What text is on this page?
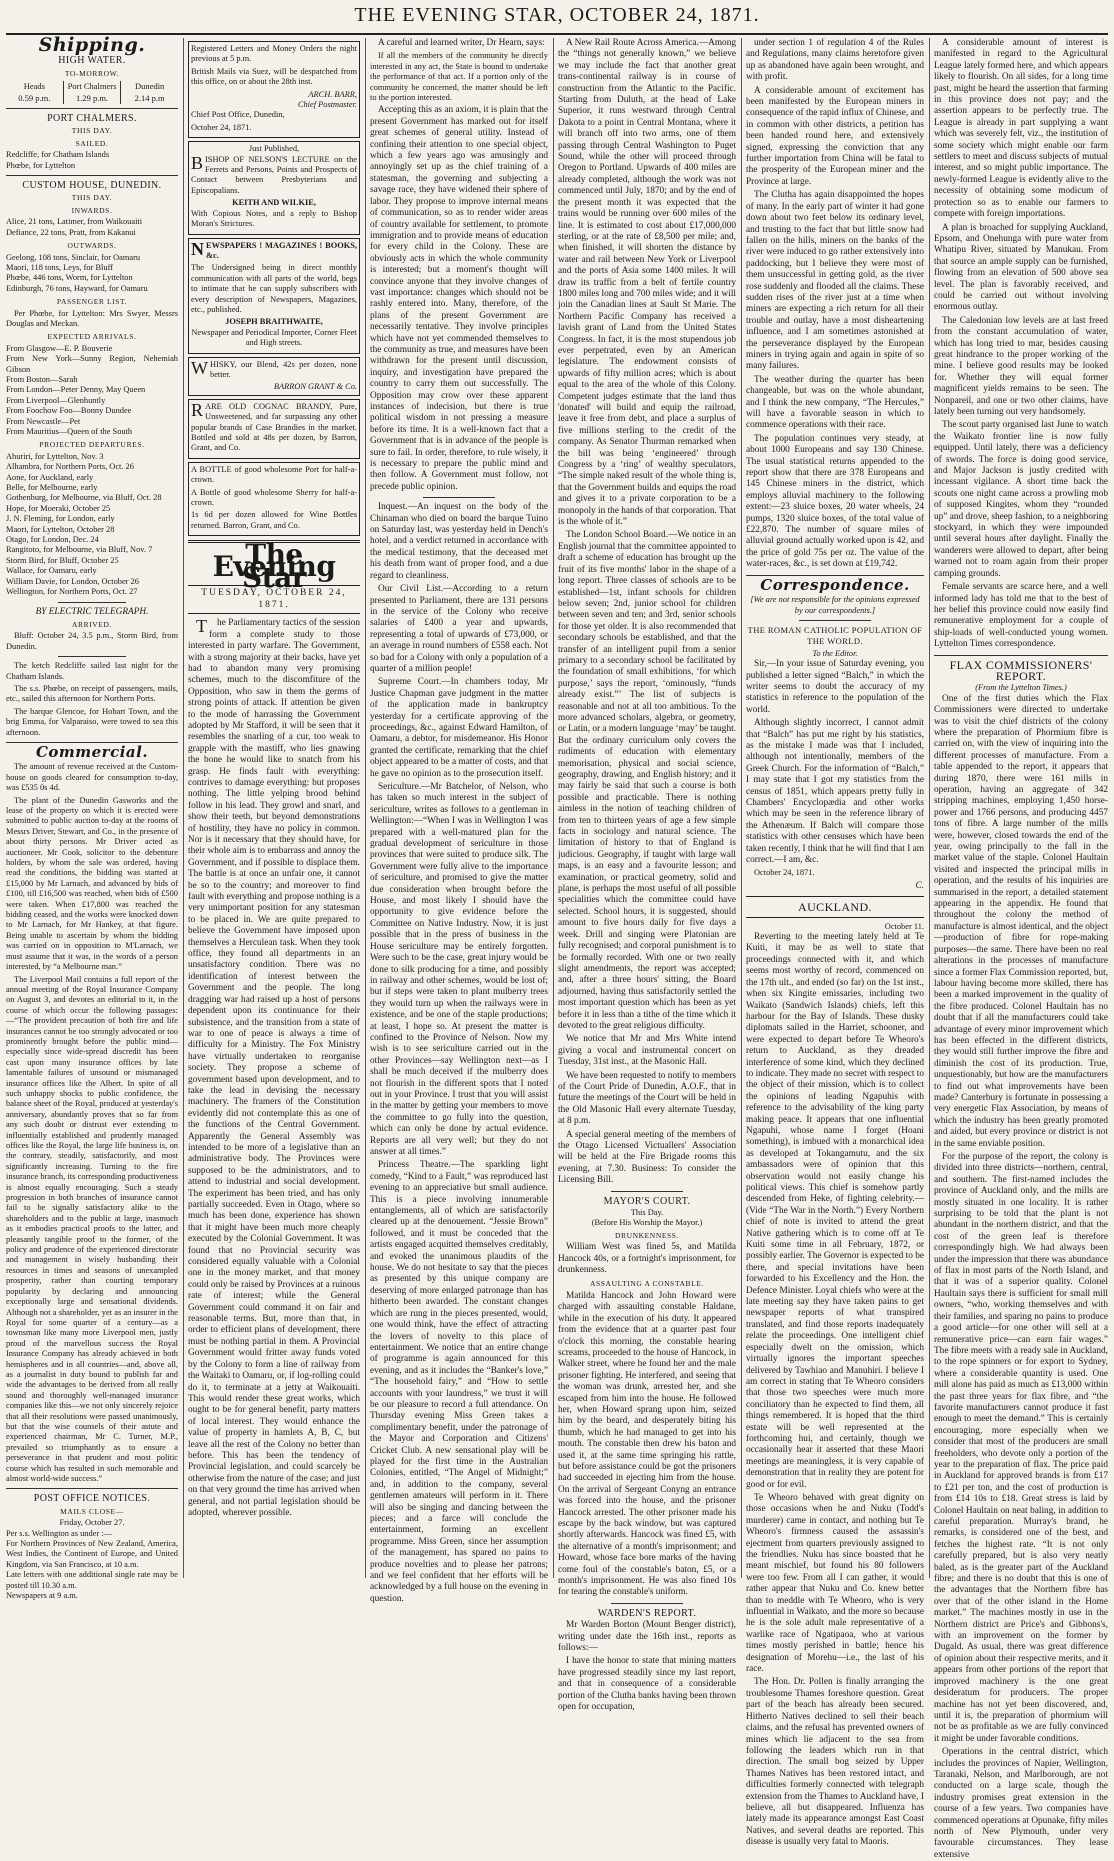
THE EVENING STAR, OCTOBER 24, 1871.
Shipping.
HIGH WATER.
TO-MORROW.
Heads
0.59 p.m.
Port Chalmers
1.29 p.m.
Dunedin
2.14 p.m
PORT CHALMERS.
THIS DAY.
SAILED.

Redcliffe, for Chatham Islands
Phœbe, for Lyttelton

CUSTOM HOUSE, DUNEDIN.
THIS DAY.
INWARDS.

Alice, 21 tons, Latimer, from Waikouaiti
Defiance, 22 tons, Pratt, from Kakanui

OUTWARDS.

Geelong, 108 tons, Sinclair, for Oamaru
Maori, 118 tons, Leys, for Bluff
Phœbe, 446 tons, Worm, for Lyttelton
Edinburgh, 76 tons, Hayward, for Oamaru

PASSENGER LIST.

Per Phœbe, for Lyttelton: Mrs Swyer, Messrs Douglas and Meckan.

EXPECTED ARRIVALS.

From Glasgow—E. P. Bouverie
From New York—Sunny Region, Nehemiah Gibson
From Boston—Sarah
From London—Peter Denny, May Queen
From Liverpool—Glenhuntly
From Foochow Foo—Bonny Dundee
From Newcastle—Pet
From Mauritius—Queen of the South

PROJECTED DEPARTURES.

Ahuriri, for Lyttelton, Nov. 3
Alhambra, for Northern Ports, Oct. 26
Aone, for Auckland, early
Belle, for Melbourne, early
Gothenburg, for Melbourne, via Bluff, Oct. 28
Hope, for Moeraki, October 25
J. N. Fleming, for London, early
Maori, for Lyttelton, October 28
Otago, for London, Dec. 24
Rangitoto, for Melbourne, via Bluff, Nov. 7
Storm Bird, for Bluff, October 25
Wallace, for Oamaru, early
William Davie, for London, October 26
Wellington, for Northern Ports, Oct. 27

BY ELECTRIC TELEGRAPH.
ARRIVED.

Bluff: October 24, 3.5 p.m., Storm Bird, from Dunedin.

The ketch Redcliffe sailed last night for the Chatham Islands.

The s.s. Phœbe, on receipt of passengers, mails, etc., sailed this afternoon for Northern Ports.

The barque Glencoe, for Hobart Town, and the brig Emma, for Valparaiso, were towed to sea this afternoon.

Commercial.

The amount of revenue received at the Custom-house on goods cleared for consumption to-day, was £535 0s 4d.

The plant of the Dunedin Gasworks and the lease of the property on which it is erected were submitted to public auction to-day at the rooms of Messrs Driver, Stewart, and Co., in the presence of about thirty persons. Mr Driver acted as auctioneer. Mr Cook, solicitor to the debenture holders, by whom the sale was ordered, having read the conditions, the bidding was started at £15,000 by Mr Larnach, and advanced by bids of £100, till £16,500 was reached, when bids of £500 were taken. When £17,800 was reached the bidding ceased, and the works were knocked down to Mr Larnach, for Mr Hankey, at that figure. Being unable to ascertain by whom the bidding was carried on in opposition to M'Larnach, we must assume that it was, in the words of a person interested, by “a Melbourne man.”

The Liverpool Mail contains a full report of the annual meeting of the Royal Insurance Company on August 3, and devotes an editorial to it, in the course of which occur the following passages:—“The provident precaution of both fire and life insurances cannot be too strongly advocated or too prominently brought before the public mind—especially since wide-spread discredit has been cast upon many insurance offices by late lamentable failures of unsound or mismanaged insurance offices like the Albert. In spite of all such unhappy shocks to public confidence, the balance sheet of the Royal, produced at yesterday's anniversary, abundantly proves that so far from any such doubt or distrust ever extending to influentially established and prudently managed offices like the Royal, the large life business is, on the contrary, steadily, satisfactorily, and most significantly increasing. Turning to the fire insurance branch, its corresponding productiveness is almost equally encouraging. Such a steady progression in both branches of insurance cannot fail to be signally satisfactory alike to the shareholders and to the public at large, inasmuch as it embodies practical proofs to the latter, and pleasantly tangible proof to the former, of the policy and prudence of the experienced directorate and management in wisely husbanding their resources in times and seasons of unexampled prosperity, rather than courting temporary popularity by declaring and announcing exceptionally large and sensational dividends. Although not a shareholder, yet as an insurer in the Royal for some quarter of a century—as a townsman like many more Liverpool men, justly proud of the marvellous success the Royal Insurance Company has already achieved in both hemispheres and in all countries—and, above all, as a journalist in duty bound to publish far and wide the advantages to be derived from all really sound and thoroughly well-managed insurance companies like this—we not only sincerely rejoice that all their resolutions were passed unanimously, but that the wise counsels of their astute and experienced chairman, Mr C. Turner, M.P., prevailed so triumphantly as to ensure a perseverance in that prudent and most politic course which has resulted in such memorable and almost world-wide success.”

POST OFFICE NOTICES.
MAILS CLOSE—
Friday, October 27.

Per s.s. Wellington as under :—
For Northern Provinces of New Zealand, America, West Indies, the Continent of Europe, and United Kingdom, via San Francisco, at 10 a.m.
Late letters with one additional single rate may be posted till 10.30 a.m.
Newspapers at 9 a.m.

Registered Letters and Money Orders the night previous at 5 p.m.

British Mails via Suez, will be despatched from this office, on or about the 28th inst.

ARCH. BARR,
Chief Postmaster.

Chief Post Office, Dunedin,

October 24, 1871.

Just Published,

BISHOP OF NELSON'S LECTURE on the Ferrets and Persons, Points and Prospects of Contact between Presbyterians and Episcopalians.

KEITH AND WILKIE,

With Copious Notes, and a reply to Bishop Moran's Strictures.

NEWSPAPERS ! MAGAZINES ! BOOKS, &c.

The Undersigned being in direct monthly communication with all parts of the world, begs to intimate that he can supply subscribers with every description of Newspapers, Magazines, etc., published.

JOSEPH BRAITHWAITE,

Newspaper and Periodical Importer, Corner Fleet and High streets.

WHISKY, our Blend, 42s per dozen, none better.

BARRON GRANT & Co.

RARE OLD COGNAC BRANDY, Pure, Unsweetened, and far surpassing any other popular brands of Case Brandies in the market. Bottled and sold at 48s per dozen, by Barron, Grant, and Co.

A BOTTLE of good wholesome Port for half-a-crown.

A Bottle of good wholesome Sherry for half-a-crown.

1s 6d per dozen allowed for Wine Bottles returned. Barron, Grant, and Co.

The Evening Star
TUESDAY, OCTOBER 24, 1871.

The Parliamentary tactics of the session form a complete study to those interested in party warfare. The Government, with a strong majority at their backs, have yet had to abandon many very promising schemes, much to the discomfiture of the Opposition, who saw in them the germs of strong points of attack. If attention be given to the mode of harrassing the Government adopted by Mr Stafford, it will be seen that it resembles the snarling of a cur, too weak to grapple with the mastiff, who lies gnawing the bone he would like to snatch from his grasp. He finds fault with everything: contrives to damage everything: but proposes nothing. The little yelping brood behind follow in his lead. They growl and snarl, and show their teeth, but beyond demonstrations of hostility, they have no policy in common. Nor is it necessary that they should have, for their whole aim is to embarrass and annoy the Government, and if possible to displace them. The battle is at once an unfair one, it cannot be so to the country; and moreover to find fault with everything and propose nothing is a very unimportant position for any statesman to be placed in. We are quite prepared to believe the Government have imposed upon themselves a Herculean task. When they took office, they found all departments in an unsatisfactory condition. There was no identification of interest between the Government and the people. The long dragging war had raised up a host of persons dependent upon its continuance for their subsistence, and the transition from a state of war to one of peace is always a time of difficulty for a Ministry. The Fox Ministry have virtually undertaken to reorganise society. They propose a scheme of government based upon development, and to take the lead in devising the necessary machinery. The framers of the Constitution evidently did not contemplate this as one of the functions of the Central Government. Apparently the General Assembly was intended to be more of a legislative than an administrative body. The Provinces were supposed to be the administrators, and to attend to industrial and social development. The experiment has been tried, and has only partially succeeded. Even in Otago, where so much has been done, experience has shown that it might have been much more cheaply executed by the Colonial Government. It was found that no Provincial security was considered equally valuable with a Colonial one in the money market, and that money could only be raised by Provinces at a ruinous rate of interest; while the General Government could command it on fair and reasonable terms. But, more than that, in order to efficient plans of development, there must be nothing partial in them. A Provincial Government would fritter away funds voted by the Colony to form a line of railway from the Waitaki to Oamaru, or, if log-rolling could do it, to terminate at a jetty at Waikouaiti. This would render these great works, which ought to be for general benefit, party matters of local interest. They would enhance the value of property in hamlets A, B, C, but leave all the rest of the Colony no better than before. This has been the tendency of Provincial legislation, and could scarcely be otherwise from the nature of the case; and just on that very ground the time has arrived when general, and not partial legislation should be adopted, wherever possible.

A careful and learned writer, Dr Hearn, says:

If all the members of the community be directly interested in any act, the State is bound to undertake the performance of that act. If a portion only of the community be concerned, the matter should be left to the portion interested.

Accepting this as an axiom, it is plain that the present Government has marked out for itself great schemes of general utility. Instead of confining their attention to one special object, which a few years ago was amusingly and annoyingly set up as the chief training of a statesman, the governing and subjecting a savage race, they have widened their sphere of labor. They propose to improve internal means of communication, so as to render wider areas of country available for settlement, to promote immigration and to provide means of education for every child in the Colony. These are obviously acts in which the whole community is interested; but a moment's thought will convince anyone that they involve changes of vast importance: changes which should not be rashly entered into. Many, therefore, of the plans of the present Government are necessarily tentative. They involve principles which have not yet commended themselves to the community as true, and measures have been withdrawn for the present until discussion, inquiry, and investigation have prepared the country to carry them out successfully. The Opposition may crow over these apparent instances of indecision, but there is true political wisdom in not pressing a measure before its time. It is a well-known fact that a Government that is in advance of the people is sure to fail. In order, therefore, to rule wisely, it is necessary to prepare the public mind and then follow. A Government must follow, not precede public opinion.

Inquest.—An inquest on the body of the Chinaman who died on board the barque Tuino on Saturday last, was yesterday held in Dench's hotel, and a verdict returned in accordance with the medical testimony, that the deceased met his death from want of proper food, and a due regard to cleanliness.

Our Civil List.—According to a return presented to Parliament, there are 131 persons in the service of the Colony who receive salaries of £400 a year and upwards, representing a total of upwards of £73,000, or an average in round numbers of £558 each. Not so bad for a Colony with only a population of a quarter of a million people!

Supreme Court.—In chambers today, Mr Justice Chapman gave judgment in the matter of the application made in bankruptcy yesterday for a certificate approving of the proceedings, &c., against Edward Hamilton, of Oamaru, a debtor, for misdemeanor. His Honor granted the certificate, remarking that the chief object appeared to be a matter of costs, and that he gave no opinion as to the prosecution itself.

Sericulture.—Mr Batchelor, of Nelson, who has taken so much interest in the subject of sericulture, writes as follows to a gentleman in Wellington:—“When I was in Wellington I was prepared with a well-matured plan for the gradual development of sericulture in those provinces that were suited to produce silk. The Government were fully alive to the importance of sericulture, and promised to give the matter due consideration when brought before the House, and most likely I should have the opportunity to give evidence before the Committee on Native Industry. Now, it is just possible that in the press of business in the House sericulture may be entirely forgotten. Were such to be the case, great injury would be done to silk producing for a time, and possibly in railway and other schemes, would be lost of; but if steps were taken to plant mulberry trees they would turn up when the railways were in existence, and be one of the staple productions; at least, I hope so. At present the matter is confined to the Province of Nelson. Now my wish is to see sericulture carried out in the other Provinces—say Wellington next—as I shall be much deceived if the mulberry does not flourish in the different spots that I noted out in your Province. I trust that you will assist in the matter by getting your members to move the committee to go fully into the question, which can only be done by actual evidence. Reports are all very well; but they do not answer at all times.”

Princess Theatre.—The sparkling light comedy, “Kind to a Fault,” was reproduced last evening to an appreciative but small audience. This is a piece involving innumerable entanglements, all of which are satisfactorily cleared up at the denouement. “Jessie Brown” followed, and it must be conceded that the artists engaged acquitted themselves creditably, and evoked the unanimous plaudits of the house. We do not hesitate to say that the pieces as presented by this unique company are deserving of more enlarged patronage than has hitherto been awarded. The constant changes which are rung in the pieces presented, would, one would think, have the effect of attracting the lovers of novelty to this place of entertainment. We notice that an entire change of programme is again announced for this evening, and as it includes the “Banker's love,” “The household fairy,” and “How to settle accounts with your laundress,” we trust it will be our pleasure to record a full attendance. On Thursday evening Miss Green takes a complimentary benefit, under the patronage of the Mayor and Corporation and Citizens' Cricket Club. A new sensational play will be played for the first time in the Australian Colonies, entitled, “The Angel of Midnight;” and, in addition to the company, several gentlemen amateurs will perform in it. There will also be singing and dancing between the pieces; and a farce will conclude the entertainment, forming an excellent programme. Miss Green, since her assumption of the management, has spared no pains to produce novelties and to please her patrons; and we feel confident that her efforts will be acknowledged by a full house on the evening in question.

A New Rail Route Across America.—Among the “things not generally known,” we believe we may include the fact that another great trans-continental railway is in course of construction from the Atlantic to the Pacific. Starting from Duluth, at the head of Lake Superior, it runs westward through Central Dakota to a point in Central Montana, where it will branch off into two arms, one of them passing through Central Washington to Puget Sound, while the other will proceed through Oregon to Portland. Upwards of 400 miles are already completed, although the work was not commenced until July, 1870; and by the end of the present month it was expected that the trains would be running over 600 miles of the line. It is estimated to cost about £17,000,000 sterling, or at the rate of £8,500 per mile; and, when finished, it will shorten the distance by water and rail between New York or Liverpool and the ports of Asia some 1400 miles. It will draw its traffic from a belt of fertile country 1800 miles long and 700 miles wide; and it will join the Canadian lines at Sault St Marie. The Northern Pacific Company has received a lavish grant of Land from the United States Congress. In fact, it is the most stupendous job ever perpetrated, even by an American legislature. The endowment consists of upwards of fifty million acres; which is about equal to the area of the whole of this Colony. Competent judges estimate that the land thus 'donated' will build and equip the railroad, leave it free from debt, and place a surplus of five millions sterling to the credit of the company. As Senator Thurman remarked when the bill was being ‘engineered’ through Congress by a ‘ring’ of wealthy speculators, “The simple naked result of the whole thing is, that the Government builds and equips the road and gives it to a private corporation to be a monopoly in the hands of that corporation. That is the whole of it.”

The London School Board.—We notice in an English journal that the committee appointed to draft a scheme of education has brought up the fruit of its five months' labor in the shape of a long report. Three classes of schools are to be established—1st, infant schools for children below seven; 2nd, junior school for children between seven and ten; and 3rd, senior schools for those yet older. It is also recommended that secondary schools be established, and that the transfer of an intelligent pupil from a senior primary to a secondary school be facilitated by the foundation of small exhibitions, ‘for which purpose,’ says the report, ‘ominously, “funds already exist.”’ The list of subjects is reasonable and not at all too ambitious. To the more advanced scholars, algebra, or geometry, or Latin, or a modern language ‘may’ be taught. But the ordinary curriculum only covers the rudiments of education with elementary memorisation, physical and social science, geography, drawing, and English history; and it may fairly be said that such a course is both possible and practicable. There is nothing aimless in the notion of teaching children of from ten to thirteen years of age a few simple facts in sociology and natural science. The limitation of history to that of England is judicious. Geography, if taught with large wall maps, is an easy and a favourite lesson; and examination, or practical geometry, solid and plane, is perhaps the most useful of all possible specialities which the committee could have selected. School hours, it is suggested, should amount to five hours daily for five days a week. Drill and singing were Platonian are fully recognised; and corporal punishment is to be formally recorded. With one or two really slight amendments, the report was accepted; and, after a three hours' sitting, the Board adjourned, having thus satisfactorily settled the most important question which has been as yet before it in less than a tithe of the time which it devoted to the great religious difficulty.

We notice that Mr and Mrs White intend giving a vocal and instrumental concert on Tuesday, 31st inst., at the Masonic Hall.

We have been requested to notify to members of the Court Pride of Dunedin, A.O.F., that in future the meetings of the Court will be held in the Old Masonic Hall every alternate Tuesday, at 8 p.m.

A special general meeting of the members of the Otago Licensed Victuallers' Association will be held at the Fire Brigade rooms this evening, at 7.30. Business: To consider the Licensing Bill.

MAYOR'S COURT.
This Day.
(Before His Worship the Mayor.)
DRUNKENNESS.

William West was fined 5s, and Matilda Hancock 40s, or a fortnight's imprisonment, for drunkenness.

ASSAULTING A CONSTABLE.

Matilda Hancock and John Howard were charged with assaulting constable Haldane, while in the execution of his duty. It appeared from the evidence that at a quarter past four o'clock this morning, the constable hearing screams, proceeded to the house of Hancock, in Walker street, where he found her and the male prisoner fighting. He interfered, and seeing that the woman was drunk, arrested her, and she escaped from him into the house. He followed her, when Howard sprang upon him, seized him by the beard, and desperately biting his thumb, which he had managed to get into his mouth. The constable then drew his baton and used it, at the same time springing his rattle, but before assistance could be got the prisoners had succeeded in ejecting him from the house. On the arrival of Sergeant Conyng an entrance was forced into the house, and the prisoner Hancock arrested. The other prisoner made his escape by the back window, but was captured shortly afterwards. Hancock was fined £5, with the alternative of a month's imprisonment; and Howard, whose face bore marks of the having come foul of the constable's baton, £5, or a month's imprisonment. He was also fined 10s for tearing the constable's uniform.

WARDEN'S REPORT.

Mr Warden Borton (Mount Benger district), writing under date the 16th inst., reports as follows:—

I have the honor to state that mining matters have progressed steadily since my last report, and that in consequence of a considerable portion of the Clutha banks having been thrown open for occupation,

under section 1 of regulation 4 of the Rules and Regulations, many claims heretofore given up as abandoned have again been wrought, and with profit.

A considerable amount of excitement has been manifested by the European miners in consequence of the rapid influx of Chinese, and in common with other districts, a petition has been handed round here, and extensively signed, expressing the conviction that any further importation from China will be fatal to the prosperity of the European miner and the Province at large.

The Clutha has again disappointed the hopes of many. In the early part of winter it had gone down about two feet below its ordinary level, and trusting to the fact that but little snow had fallen on the hills, miners on the banks of the river were induced to go rather extensively into paddocking, but I believe they were most of them unsuccessful in getting gold, as the river rose suddenly and flooded all the claims. These sudden rises of the river just at a time when miners are expecting a rich return for all their trouble and outlay, have a most disheartening influence, and I am sometimes astonished at the perseverance displayed by the European miners in trying again and again in spite of so many failures.

The weather during the quarter has been changeable, but was on the whole abundant, and I think the new company, “The Hercules,” will have a favorable season in which to commence operations with their race.

The population continues very steady, at about 1000 Europeans and say 130 Chinese. The usual statistical returns appended to the report show that there are 378 Europeans and 145 Chinese miners in the district, which employs alluvial machinery to the following extent:—23 sluice boxes, 20 water wheels, 24 pumps, 1320 sluice boxes, of the total value of £22,870. The number of square miles of alluvial ground actually worked upon is 42, and the price of gold 75s per oz. The value of the water-races, &c., is set down at £19,742.

Correspondence.

[We are not responsible for the opinions expressed by our correspondents.]

THE ROMAN CATHOLIC POPULATION OF THE WORLD.
To the Editor.

Sir,—In your issue of Saturday evening, you published a letter signed “Balch,” in which the writer seems to doubt the accuracy of my statistics in reference to the population of the world.

Although slightly incorrect, I cannot admit that “Balch” has put me right by his statistics, as the mistake I made was that I included, although not intentionally, members of the Greek Church. For the information of “Balch,” I may state that I got my statistics from the census of 1851, which appears pretty fully in Chambers' Encyclopædia and other works which may be seen in the reference library of the Athenæum. If Balch will compare those statistics with other censuses which have been taken recently, I think that he will find that I am correct.—I am, &c.

October 24, 1871.

C.
AUCKLAND.
October 11.

Reverting to the meeting lately held at Te Kuiti, it may be as well to state that proceedings connected with it, and which seems most worthy of record, commenced on the 17th ult., and ended (so far) on the 1st inst., when six Kingite emissaries, including two Waikato (Sandwich Islands) chiefs, left this harbour for the Bay of Islands. These dusky diplomats sailed in the Harriet, schooner, and were expected to depart before Te Wheoro's return to Auckland, as they dreaded interference of some kind, which they declined to indicate. They made no secret with respect to the object of their mission, which is to collect the opinions of leading Ngapuhis with reference to the advisability of the king party making peace. It appears that one influential Ngapuhi, whose name I forget (Hoani something), is imbued with a monarchical idea as developed at Tokangamutu, and the six ambassadors were of opinion that this observation would not easily change his political views. This chief is somehow partly descended from Heke, of fighting celebrity.—(Vide “The War in the North.”) Every Northern chief of note is invited to attend the great Native gathering which is to come off at Te Kuiti some time in all February, 1872, or possibly earlier. The Governor is expected to be there, and special invitations have been forwarded to his Excellency and the Hon. the Defence Minister. Loyal chiefs who were at the late meeting say they have taken pains to get newspaper reports of what transpired translated, and find those reports inadequately relate the proceedings. One intelligent chief especially dwelt on the omission, which virtually ignores the important speeches delivered by Tawhiao and Manuhiri. I believe I am correct in stating that Te Wheoro considers that those two speeches were much more conciliatory than he expected to find them, all things remembered. It is hoped that the third estate will be well represented at the forthcoming hui, and certainly, though we occasionally hear it asserted that these Maori meetings are meaningless, it is very capable of demonstration that in reality they are potent for good or for evil.

Te Wheoro behaved with great dignity on those occasions when he and Nuku (Todd's murderer) came in contact, and nothing but Te Wheoro's firmness caused the assassin's ejectment from quarters previously assigned to the friendlies. Nuku has since boasted that he meant mischief, but found his 80 followers were too few. From all I can gather, it would rather appear that Nuku and Co. knew better than to meddle with Te Wheoro, who is very influential in Waikato, and the more so because he is the sole adult male representative of a warlike race of Ngatipaoa, who at various times mostly perished in battle; hence his designation of Morehu—i.e., the last of his race.

The Hon. Dr. Pollen is finally arranging the troublesome Thames foreshore question. Great part of the beach has already been secured. Hitherto Natives declined to sell their beach claims, and the refusal has prevented owners of mines which lie adjacent to the sea from following the leaders which run in that direction. The small bog seized by Upper Thames Natives has been restored intact, and difficulties formerly connected with telegraph extension from the Thames to Auckland have, I believe, all but disappeared. Influenza has lately made its appearance amongst East Coast Natives, and several deaths are reported. This disease is usually very fatal to Maoris.

A considerable amount of interest is manifested in regard to the Agricultural League lately formed here, and which appears likely to flourish. On all sides, for a long time past, might be heard the assertion that farming in this province does not pay; and the assertion appears to be perfectly true. The League is already in part supplying a want which was severely felt, viz., the institution of some society which might enable our farm settlers to meet and discuss subjects of mutual interest, and so might public importance. The newly-formed League is evidently alive to the necessity of obtaining some modicum of protection so as to enable our farmers to compete with foreign importations.

A plan is broached for supplying Auckland, Epsom, and Onehunga with pure water from Whatipu River, situated by Manukau. From that source an ample supply can be furnished, flowing from an elevation of 500 above sea level. The plan is favorably received, and could be carried out without involving enormous outlay.

The Caledonian low levels are at last freed from the constant accumulation of water, which has long tried to mar, besides causing great hindrance to the proper working of the mine. I believe good results may be looked for. Whether they will equal former magnificent yields remains to be seen. The Nonpareil, and one or two other claims, have lately been turning out very handsomely.

The scout party organised last June to watch the Waikato frontier line is now fully equipped. Until lately, there was a deficiency of swords. The force is doing good service, and Major Jackson is justly credited with incessant vigilance. A short time back the scouts one night came across a prowling mob of supposed Kingites, whom they “rounded up” and drove, sheep fashion, to a neighboring stockyard, in which they were impounded until several hours after daylight. Finally the wanderers were allowed to depart, after being warned not to roam again from their proper camping grounds.

Female servants are scarce here, and a well informed lady has told me that to the best of her belief this province could now easily find remunerative employment for a couple of ship-loads of well-conducted young women. Lyttelton Times correspondence.

FLAX COMMISSIONERS' REPORT.
(From the Lyttelton Times.)

One of the first duties which the Flax Commissioners were directed to undertake was to visit the chief districts of the colony where the preparation of Phormium fibre is carried on, with the view of inquiring into the different processes of manufacture. From a table appended to the report, it appears that during 1870, there were 161 mills in operation, having an aggregate of 342 stripping machines, employing 1,450 horse-power and 1766 persons, and producing 4457 tons of fibre. A large number of the mills were, however, closed towards the end of the year, owing principally to the fall in the market value of the staple. Colonel Haultain visited and inspected the principal mills in operation, and the results of his inquiries are summarised in the report, a detailed statement appearing in the appendix. He found that throughout the colony the method of manufacture is almost identical, and the object—production of fibre for rope-making purposes—the same. There have been no real alterations in the processes of manufacture since a former Flax Commission reported, but, labour having become more skilled, there has been a marked improvement in the quality of the fibre produced. Colonel Haultain has no doubt that if all the manufacturers could take advantage of every minor improvement which has been effected in the different districts, they would still further improve the fibre and diminish the cost of its production. True, unquestionably, but how are the manufacturers to find out what improvements have been made? Canterbury is fortunate in possessing a very energetic Flax Association, by means of which the industry has been greatly promoted and aided, but every province or district is not in the same enviable position.

For the purpose of the report, the colony is divided into three districts—northern, central, and southern. The first-named includes the province of Auckland only, and the mills are mostly situated in one locality. It is rather surprising to be told that the plant is not abundant in the northern district, and that the cost of the green leaf is therefore correspondingly high. We had always been under the impression that there was abundance of flax in most parts of the North Island, and that it was of a superior quality. Colonel Haultain says there is sufficient for small mill owners, “who, working themselves and with their families, and sparing no pains to produce a good article—for one other will sell at a remunerative price—can earn fair wages.” The fibre meets with a ready sale in Auckland, to the rope spinners or for export to Sydney, where a considerable quantity is used. One mill alone has paid as much as £13,000 within the past three years for flax fibre, and “the favorite manufacturers cannot produce it fast enough to meet the demand.” This is certainly encouraging, more especially when we consider that most of the producers are small freeholders, who devote only a portion of the year to the preparation of flax. The price paid in Auckland for approved brands is from £17 to £21 per ton, and the cost of production is from £14 10s to £18. Great stress is laid by Colonel Haultain on neat baling, in addition to careful preparation. Murray's brand, he remarks, is considered one of the best, and fetches the highest rate. “It is not only carefully prepared, but is also very neatly baled, as is the greater part of the Auckland fibre; and there is no doubt that this is one of the advantages that the Northern fibre has over that of the other island in the Home market.” The machines mostly in use in the Northern district are Price's and Gibbons's, with an improvement on the former by Dugald. As usual, there was great difference of opinion about their respective merits, and it appears from other portions of the report that improved machinery is the one great desideratum for producers. The proper machine has not yet been discovered, and, until it is, the preparation of phormium will not be as profitable as we are fully convinced it might be under favorable conditions.

Operations in the central district, which includes the provinces of Napier, Wellington, Taranaki, Nelson, and Marlborough, are not conducted on a large scale, though the industry promises great extension in the course of a few years. Two companies have commenced operations at Opunake, fifty miles north of New Plymouth, under very favourable circumstances. They lease extensive
